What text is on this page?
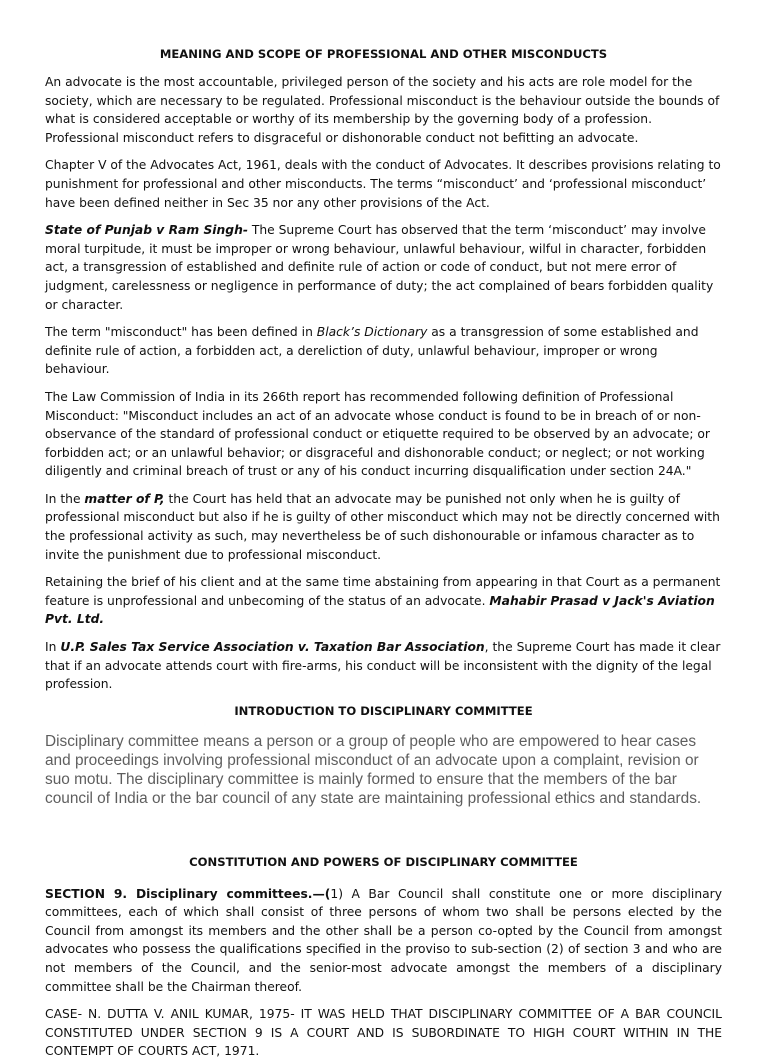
MEANING AND SCOPE OF PROFESSIONAL AND OTHER MISCONDUCTS

An advocate is the most accountable, privileged person of the society and his acts are role model for the society, which are necessary to be regulated. Professional misconduct is the behaviour outside the bounds of what is considered acceptable or worthy of its membership by the governing body of a profession. Professional misconduct refers to disgraceful or dishonorable conduct not befitting an advocate.

Chapter V of the Advocates Act, 1961, deals with the conduct of Advocates. It describes provisions relating to punishment for professional and other misconducts. The terms “misconduct’ and ‘professional misconduct’ have been defined neither in Sec 35 nor any other provisions of the Act.

State of Punjab v Ram Singh- The Supreme Court has observed that the term ‘misconduct’ may involve moral turpitude, it must be improper or wrong behaviour, unlawful behaviour, wilful in character, forbidden act, a transgression of established and definite rule of action or code of conduct, but not mere error of judgment, carelessness or negligence in performance of duty; the act complained of bears forbidden quality or character.

The term "misconduct" has been defined in Black’s Dictionary as a transgression of some established and definite rule of action, a forbidden act, a dereliction of duty, unlawful behaviour, improper or wrong behaviour.

The Law Commission of India in its 266th report has recommended following definition of Professional Misconduct: "Misconduct includes an act of an advocate whose conduct is found to be in breach of or non-observance of the standard of professional conduct or etiquette required to be observed by an advocate; or forbidden act; or an unlawful behavior; or disgraceful and dishonorable conduct; or neglect; or not working diligently and criminal breach of trust or any of his conduct incurring disqualification under section 24A."

In the matter of P, the Court has held that an advocate may be punished not only when he is guilty of professional misconduct but also if he is guilty of other misconduct which may not be directly concerned with the professional activity as such, may nevertheless be of such dishonourable or infamous character as to invite the punishment due to professional misconduct.

Retaining the brief of his client and at the same time abstaining from appearing in that Court as a permanent feature is unprofessional and unbecoming of the status of an advocate. Mahabir Prasad v Jack's Aviation Pvt. Ltd.

In U.P. Sales Tax Service Association v. Taxation Bar Association, the Supreme Court has made it clear that if an advocate attends court with fire-arms, his conduct will be inconsistent with the dignity of the legal profession.

INTRODUCTION TO DISCIPLINARY COMMITTEE

Disciplinary committee means a person or a group of people who are empowered to hear cases and proceedings involving professional misconduct of an advocate upon a complaint, revision or suo motu. The disciplinary committee is mainly formed to ensure that the members of the bar council of India or the bar council of any state are maintaining professional ethics and standards.

CONSTITUTION AND POWERS OF DISCIPLINARY COMMITTEE

SECTION 9. Disciplinary committees.—(1) A Bar Council shall constitute one or more disciplinary committees, each of which shall consist of three persons of whom two shall be persons elected by the Council from amongst its members and the other shall be a person co-opted by the Council from amongst advocates who possess the qualifications specified in the proviso to sub-section (2) of section 3 and who are not members of the Council, and the senior-most advocate amongst the members of a disciplinary committee shall be the Chairman thereof.

CASE- N. DUTTA V. ANIL KUMAR, 1975- IT WAS HELD THAT DISCIPLINARY COMMITTEE OF A BAR COUNCIL CONSTITUTED UNDER SECTION 9 IS A COURT AND IS SUBORDINATE TO HIGH COURT WITHIN IN THE CONTEMPT OF COURTS ACT, 1971.
